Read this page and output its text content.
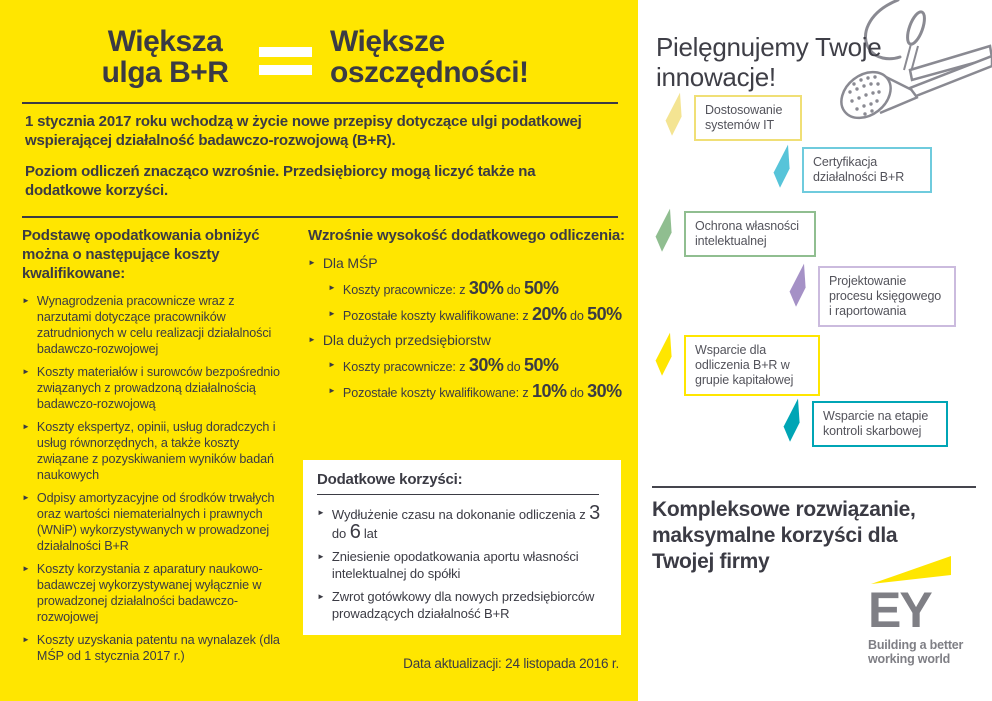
Większa
ulga B+R
Większe
oszczędności!

1 stycznia 2017 roku wchodzą w życie nowe przepisy dotyczące ulgi podatkowej wspierającej działalność badawczo-rozwojową (B+R).

Poziom odliczeń znacząco wzrośnie. Przedsiębiorcy mogą liczyć także na dodatkowe korzyści.

Podstawę opodatkowania obniżyć można o następujące koszty kwalifikowane:
► Wynagrodzenia pracownicze wraz z narzutami dotyczące pracowników zatrudnionych w celu realizacji działalności badawczo-rozwojowej
► Koszty materiałów i surowców bezpośrednio związanych z prowadzoną działalnością badawczo-rozwojową
► Koszty ekspertyz, opinii, usług doradczych i usług równorzędnych, a także koszty związane z pozyskiwaniem wyników badań naukowych
► Odpisy amortyzacyjne od środków trwałych oraz wartości niematerialnych i prawnych (WNiP) wykorzystywanych w prowadzonej działalności B+R
► Koszty korzystania z aparatury naukowo- badawczej wykorzystywanej wyłącznie w prowadzonej działalności badawczo-rozwojowej
► Koszty uzyskania patentu na wynalazek (dla MŚP od 1 stycznia 2017 r.)
Wzrośnie wysokość dodatkowego odliczenia:
► Dla MŚP
► Koszty pracownicze: z 30% do 50%
► Pozostałe koszty kwalifikowane: z 20% do 50%
► Dla dużych przedsiębiorstw
► Koszty pracownicze: z 30% do 50%
► Pozostałe koszty kwalifikowane: z 10% do 30%
Dodatkowe korzyści:
► Wydłużenie czasu na dokonanie odliczenia z 3 do 6 lat
► Zniesienie opodatkowania aportu własności intelektualnej do spółki
► Zwrot gotówkowy dla nowych przedsiębiorców prowadzących działalność B+R
Data aktualizacji: 24 listopada 2016 r.
Pielęgnujemy Twoje innowacje!
Dostosowanie systemów IT
Certyfikacja działalności B+R
Ochrona własności intelektualnej
Projektowanie procesu księgowego i raportowania
Wsparcie dla odliczenia B+R w grupie kapitałowej
Wsparcie na etapie kontroli skarbowej
Kompleksowe rozwiązanie, maksymalne korzyści dla Twojej firmy
EY
Building a better
working world
